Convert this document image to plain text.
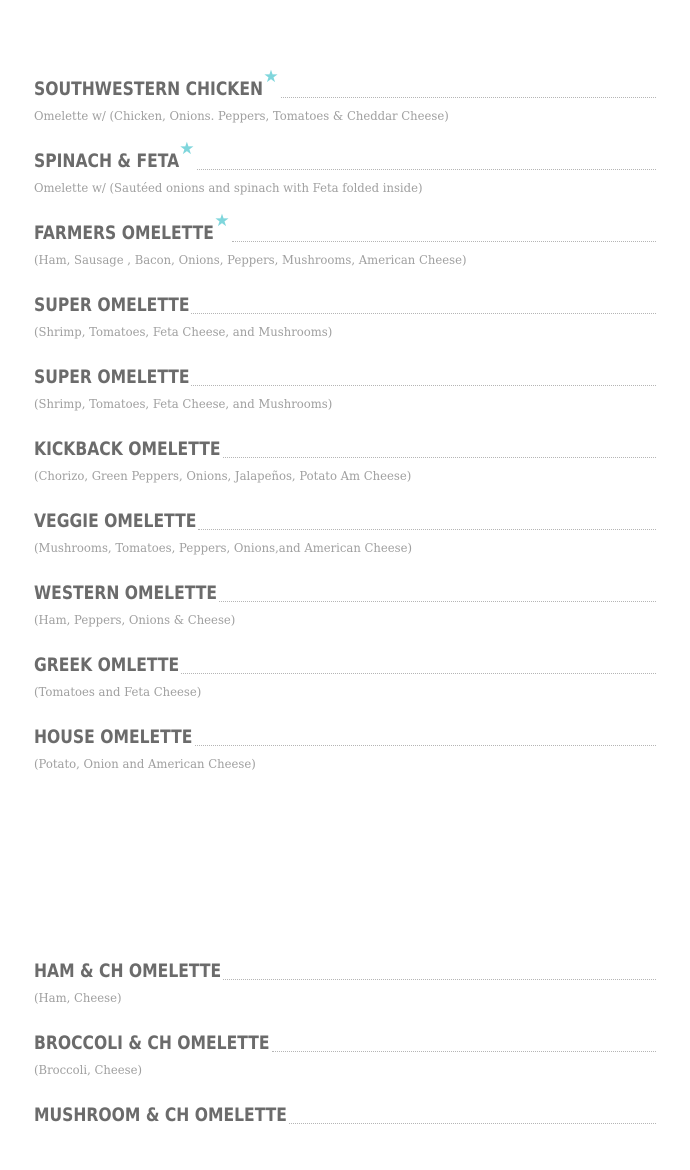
SOUTHWESTERN CHICKEN
★
Omelette w/ (Chicken, Onions. Peppers, Tomatoes & Cheddar Cheese)
SPINACH & FETA
★
Omelette w/ (Sautéed onions and spinach with Feta folded inside)
FARMERS OMELETTE
★
(Ham, Sausage , Bacon, Onions, Peppers, Mushrooms, American Cheese)
SUPER OMELETTE
(Shrimp, Tomatoes, Feta Cheese, and Mushrooms)
SUPER OMELETTE
(Shrimp, Tomatoes, Feta Cheese, and Mushrooms)
KICKBACK OMELETTE
(Chorizo, Green Peppers, Onions, Jalapeños, Potato Am Cheese)
VEGGIE OMELETTE
(Mushrooms, Tomatoes, Peppers, Onions,and American Cheese)
WESTERN OMELETTE
(Ham, Peppers, Onions & Cheese)
GREEK OMLETTE
(Tomatoes and Feta Cheese)
HOUSE OMELETTE
(Potato, Onion and American Cheese)
HAM & CH OMELETTE
(Ham, Cheese)
BROCCOLI & CH OMELETTE
(Broccoli, Cheese)
MUSHROOM & CH OMELETTE
